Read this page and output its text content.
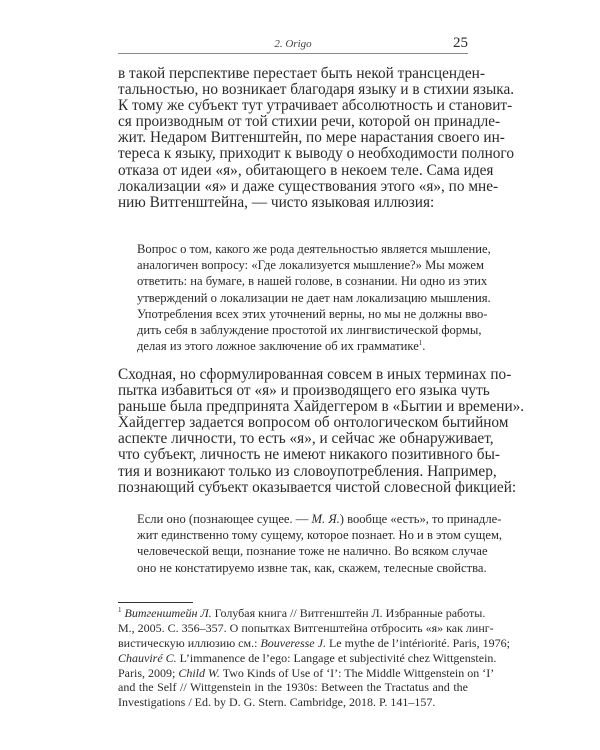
2. Origo	25
в такой перспективе перестает быть некой трансценден-
тальностью, но возникает благодаря языку и в стихии языка.
К тому же субъект тут утрачивает абсолютность и становит-
ся производным от той стихии речи, которой он принадле-
жит. Недаром Витгенштейн, по мере нарастания своего ин-
тереса к языку, приходит к выводу о необходимости полного
отказа от идеи «я», обитающего в некоем теле. Сама идея
локализации «я» и даже существования этого «я», по мне-
нию Витгенштейна, — чисто языковая иллюзия:
Вопрос о том, какого же рода деятельностью является мышление,
аналогичен вопросу: «Где локализуется мышление?» Мы можем
ответить: на бумаге, в нашей голове, в сознании. Ни одно из этих
утверждений о локализации не дает нам локализацию мышления.
Употребления всех этих уточнений верны, но мы не должны вво-
дить себя в заблуждение простотой их лингвистической формы,
делая из этого ложное заключение об их грамматике$^1$.
Сходная, но сформулированная совсем в иных терминах по-
пытка избавиться от «я» и производящего его языка чуть
раньше была предпринята Хайдеггером в «Бытии и времени».
Хайдеггер задается вопросом об онтологическом бытийном
аспекте личности, то есть «я», и сейчас же обнаруживает,
что субъект, личность не имеют никакого позитивного бы-
тия и возникают только из словоупотребления. Например,
познающий субъект оказывается чистой словесной фикцией:
Если оно (познающее сущее. — М. Я.) вообще «есть», то принадле-
жит единственно тому сущему, которое познает. Но и в этом сущем,
человеческой вещи, познание тоже не налично. Во всяком случае
оно не констатируемо извне так, как, скажем, телесные свойства.
$^1$ Витгенштейн Л. Голубая книга // Витгенштейн Л. Избранные работы.
М., 2005. С. 356–357. О попытках Витгенштейна отбросить «я» как линг-
вистическую иллюзию см.: Bouveresse J. Le mythe de l’intériorité. Paris, 1976;
Chauviré C. L’immanence de l’ego: Langage et subjectivité chez Wittgenstein.
Paris, 2009; Child W. Two Kinds of Use of ‘I’: The Middle Wittgenstein on ‘I’
and the Self // Wittgenstein in the 1930s: Between the Tractatus and the
Investigations / Ed. by D. G. Stern. Cambridge, 2018. P. 141–157.
